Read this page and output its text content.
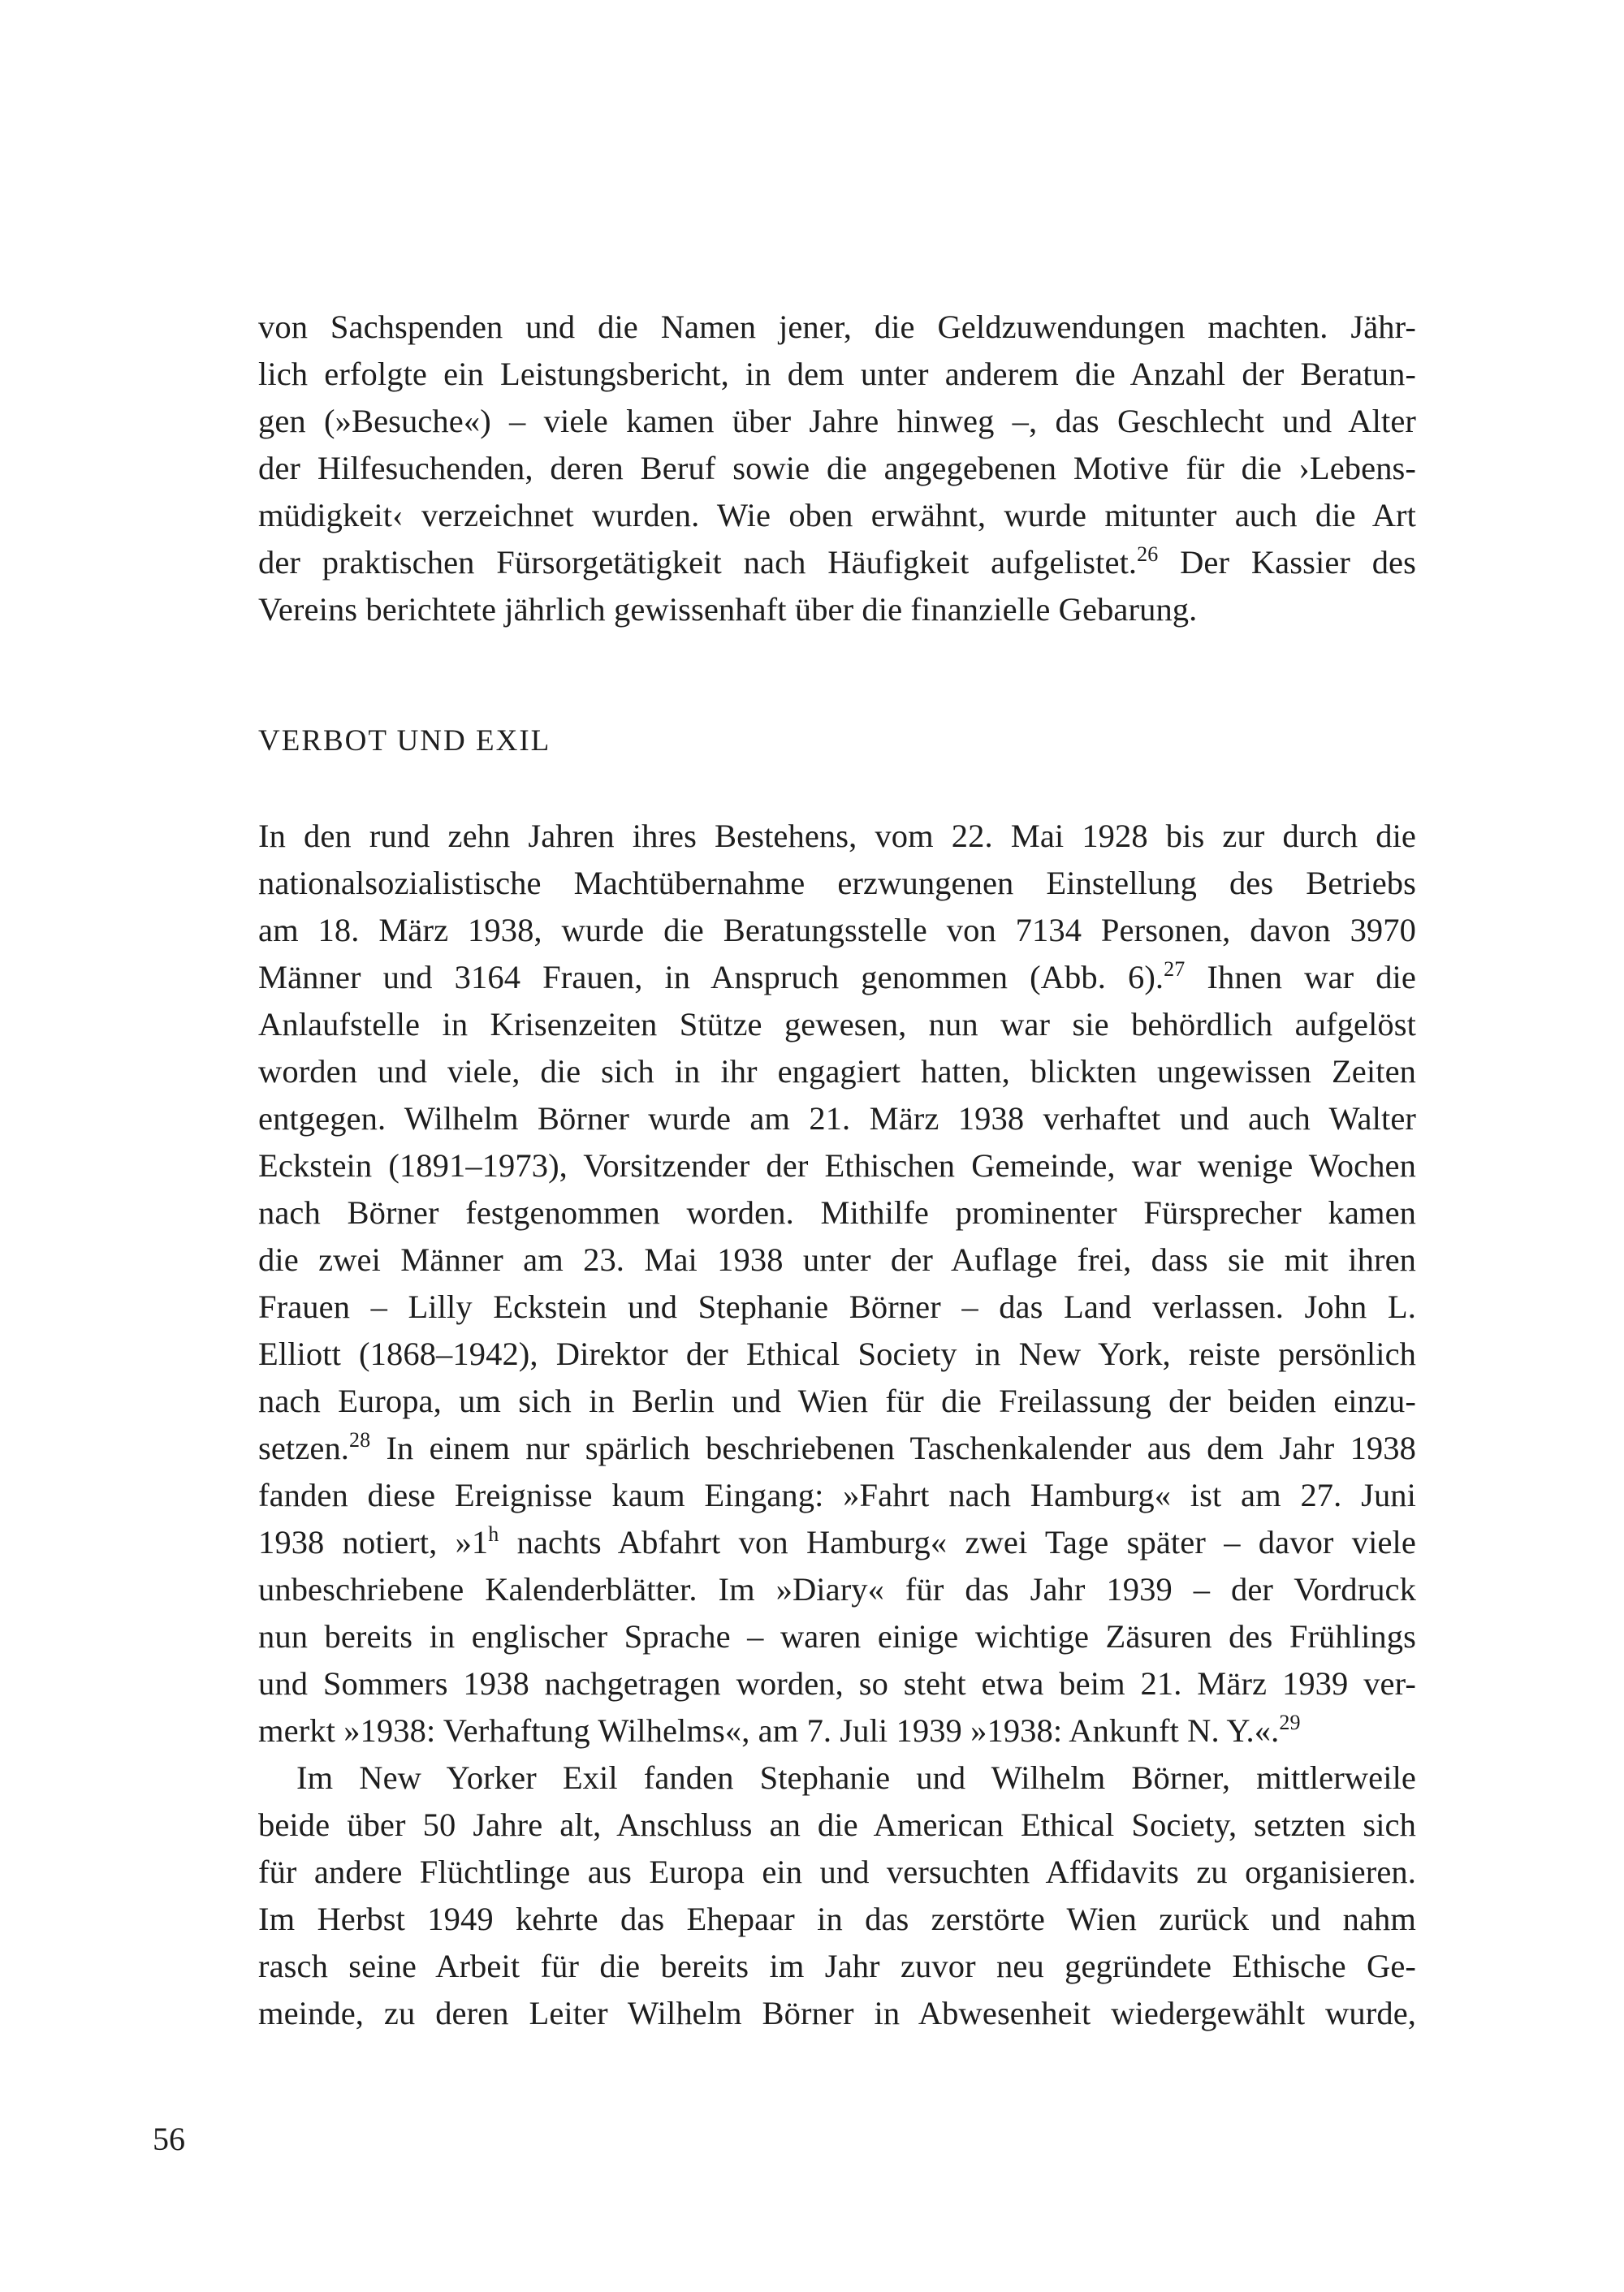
von Sachspenden und die Namen jener, die Geldzuwendungen machten. Jähr-
lich erfolgte ein Leistungsbericht, in dem unter anderem die Anzahl der Beratun-
gen (»Besuche«) – viele kamen über Jahre hinweg –, das Geschlecht und Alter
der Hilfesuchenden, deren Beruf sowie die angegebenen Motive für die ›Lebens-
müdigkeit‹ verzeichnet wurden. Wie oben erwähnt, wurde mitunter auch die Art
der praktischen Fürsorgetätigkeit nach Häufigkeit aufgelistet.$^{26}$ Der Kassier des
Vereins berichtete jährlich gewissenhaft über die finanzielle Gebarung.
VERBOT UND EXIL
In den rund zehn Jahren ihres Bestehens, vom 22. Mai 1928 bis zur durch die
nationalsozialistische Machtübernahme erzwungenen Einstellung des Betriebs
am 18. März 1938, wurde die Beratungsstelle von 7134 Personen, davon 3970
Männer und 3164 Frauen, in Anspruch genommen (Abb. 6).$^{27}$ Ihnen war die
Anlaufstelle in Krisenzeiten Stütze gewesen, nun war sie behördlich aufgelöst
worden und viele, die sich in ihr engagiert hatten, blickten ungewissen Zeiten
entgegen. Wilhelm Börner wurde am 21. März 1938 verhaftet und auch Walter
Eckstein (1891–1973), Vorsitzender der Ethischen Gemeinde, war wenige Wochen
nach Börner festgenommen worden. Mithilfe prominenter Fürsprecher kamen
die zwei Männer am 23. Mai 1938 unter der Auflage frei, dass sie mit ihren
Frauen – Lilly Eckstein und Stephanie Börner – das Land verlassen. John L.
Elliott (1868–1942), Direktor der Ethical Society in New York, reiste persönlich
nach Europa, um sich in Berlin und Wien für die Freilassung der beiden einzu-
setzen.$^{28}$ In einem nur spärlich beschriebenen Taschenkalender aus dem Jahr 1938
fanden diese Ereignisse kaum Eingang: »Fahrt nach Hamburg« ist am 27. Juni
1938 notiert, »1$^h$ nachts Abfahrt von Hamburg« zwei Tage später – davor viele
unbeschriebene Kalenderblätter. Im »Diary« für das Jahr 1939 – der Vordruck
nun bereits in englischer Sprache – waren einige wichtige Zäsuren des Frühlings
und Sommers 1938 nachgetragen worden, so steht etwa beim 21. März 1939 ver-
merkt »1938: Verhaftung Wilhelms«, am 7. Juli 1939 »1938: Ankunft N. Y.«.$^{29}$
Im New Yorker Exil fanden Stephanie und Wilhelm Börner, mittlerweile
beide über 50 Jahre alt, Anschluss an die American Ethical Society, setzten sich
für andere Flüchtlinge aus Europa ein und versuchten Affidavits zu organisieren.
Im Herbst 1949 kehrte das Ehepaar in das zerstörte Wien zurück und nahm
rasch seine Arbeit für die bereits im Jahr zuvor neu gegründete Ethische Ge-
meinde, zu deren Leiter Wilhelm Börner in Abwesenheit wiedergewählt wurde,
56
